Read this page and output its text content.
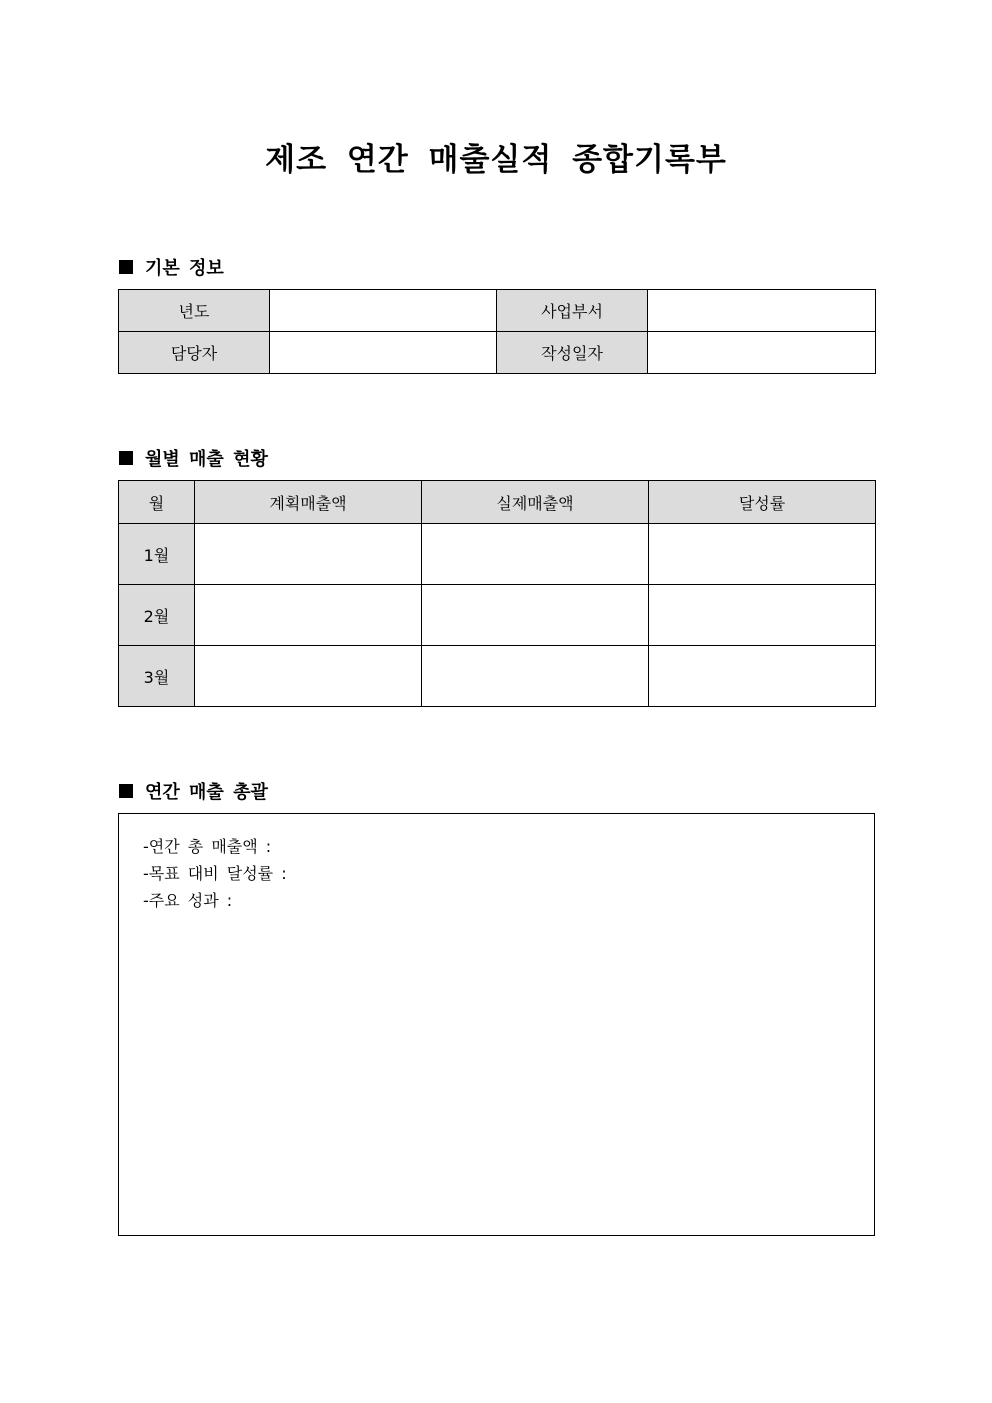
제조 연간 매출실적 종합기록부
기본 정보
년도		사업부서	
담당자		작성일자	
월별 매출 현황
월	계획매출액	실제매출액	달성률
1월			
2월			
3월			
연간 매출 총괄
-연간 총 매출액 :
-목표 대비 달성률 :
-주요 성과 :
